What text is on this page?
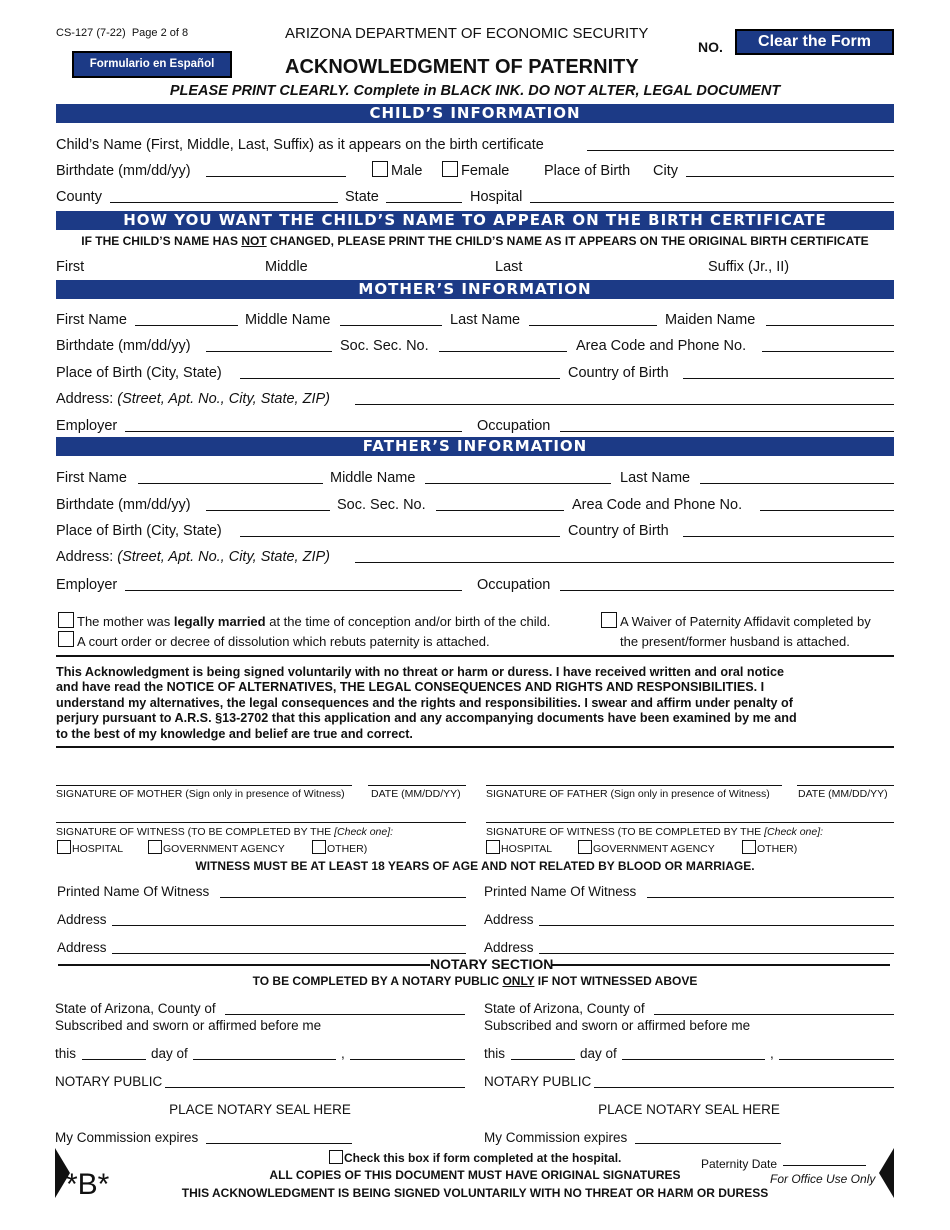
CS-127 (7-22) Page 2 of 8	ARIZONA DEPARTMENT OF ECONOMIC SECURITY
NO.	Clear the Form
Formulario en Español	ACKNOWLEDGMENT OF PATERNITY
PLEASE PRINT CLEARLY. Complete in BLACK INK. DO NOT ALTER, LEGAL DOCUMENT
CHILD’S INFORMATION
Child’s Name (First, Middle, Last, Suffix) as it appears on the birth certificate
Birthdate (mm/dd/yy)	Male	Female Place of Birth City
County	State	Hospital
HOW YOU WANT THE CHILD’S NAME TO APPEAR ON THE BIRTH CERTIFICATE
IF THE CHILD’S NAME HAS NOT CHANGED, PLEASE PRINT THE CHILD’S NAME AS IT APPEARS ON THE ORIGINAL BIRTH CERTIFICATE
First	Middle	Last	Suffix (Jr., II)
MOTHER’S INFORMATION
First Name	Middle Name	Last Name	Maiden Name
Birthdate (mm/dd/yy)	Soc. Sec. No.	Area Code and Phone No.
Place of Birth (City, State)	Country of Birth
Address: (Street, Apt. No., City, State, ZIP)
Employer	Occupation
FATHER’S INFORMATION
First Name	Middle Name	Last Name
Birthdate (mm/dd/yy)	Soc. Sec. No.	Area Code and Phone No.
Place of Birth (City, State)	Country of Birth
Address: (Street, Apt. No., City, State, ZIP)
Employer	Occupation
The mother was legally married at the time of conception and/or birth of the child.
A court order or decree of dissolution which rebuts paternity is attached.
A Waiver of Paternity Affidavit completed by
the present/former husband is attached.
This Acknowledgment is being signed voluntarily with no threat or harm or duress. I have received written and oral notice
and have read the NOTICE OF ALTERNATIVES, THE LEGAL CONSEQUENCES AND RIGHTS AND RESPONSIBILITIES. I
understand my alternatives, the legal consequences and the rights and responsibilities. I swear and affirm under penalty of
perjury pursuant to A.R.S. §13-2702 that this application and any accompanying documents have been examined by me and
to the best of my knowledge and belief are true and correct.
SIGNATURE OF MOTHER (Sign only in presence of Witness)	DATE (MM/DD/YY) SIGNATURE OF FATHER (Sign only in presence of Witness)	DATE (MM/DD/YY)
SIGNATURE OF WITNESS (TO BE COMPLETED BY THE [Check one]:	SIGNATURE OF WITNESS (TO BE COMPLETED BY THE [Check one]:
HOSPITAL	GOVERNMENT AGENCY	OTHER)	HOSPITAL	GOVERNMENT AGENCY	OTHER)
WITNESS MUST BE AT LEAST 18 YEARS OF AGE AND NOT RELATED BY BLOOD OR MARRIAGE.
Printed Name Of Witness	Printed Name Of Witness
Address	Address
Address	Address
NOTARY SECTION
TO BE COMPLETED BY A NOTARY PUBLIC ONLY IF NOT WITNESSED ABOVE
State of Arizona, County of	State of Arizona, County of
Subscribed and sworn or affirmed before me	Subscribed and sworn or affirmed before me
this	day of	,	this	day of	,
NOTARY PUBLIC	NOTARY PUBLIC
PLACE NOTARY SEAL HERE	PLACE NOTARY SEAL HERE
My Commission expires	My Commission expires
*B*
Check this box if form completed at the hospital.
ALL COPIES OF THIS DOCUMENT MUST HAVE ORIGINAL SIGNATURES
THIS ACKNOWLEDGMENT IS BEING SIGNED VOLUNTARILY WITH NO THREAT OR HARM OR DURESS
Paternity Date
For Office Use Only
